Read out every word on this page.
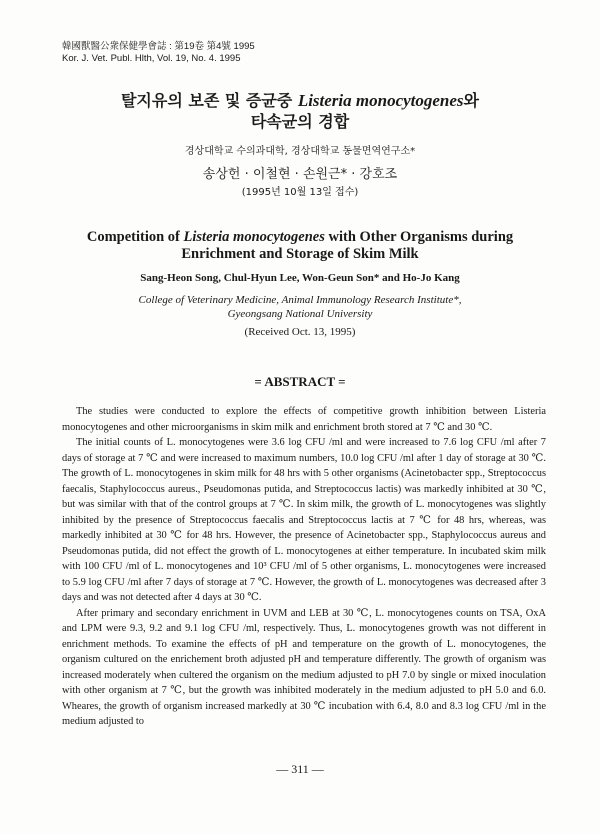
韓國獸醫公衆保健學會誌 : 第19卷 第4號 1995
Kor. J. Vet. Publ. Hlth, Vol. 19, No. 4. 1995
탈지유의 보존 및 증균중 Listeria monocytogenes와
타속균의 경합
경상대학교 수의과대학, 경상대학교 동물면역연구소*
송상헌 · 이철현 · 손원근* · 강호조
(1995년 10월 13일 접수)
Competition of Listeria monocytogenes with Other Organisms during
Enrichment and Storage of Skim Milk
Sang-Heon Song, Chul-Hyun Lee, Won-Geun Son* and Ho-Jo Kang
College of Veterinary Medicine, Animal Immunology Research Institute*,
Gyeongsang National University
(Received Oct. 13, 1995)
= ABSTRACT =

The studies were conducted to explore the effects of competitive growth inhibition between Listeria monocytogenes and other microorganisms in skim milk and enrichment broth stored at 7 ℃ and 30 ℃.

The initial counts of L. monocytogenes were 3.6 log CFU /ml and were increased to 7.6 log CFU /ml after 7 days of storage at 7 ℃ and were increased to maximum numbers, 10.0 log CFU /ml after 1 day of storage at 30 ℃. The growth of L. monocytogenes in skim milk for 48 hrs with 5 other organisms (Acinetobacter spp., Streptococcus faecalis, Staphylococcus aureus., Pseudomonas putida, and Streptococcus lactis) was markedly inhibited at 30 ℃, but was similar with that of the control groups at 7 ℃. In skim milk, the growth of L. monocytogenes was slightly inhibited by the presence of Streptococcus faecalis and Streptococcus lactis at 7 ℃ for 48 hrs, whereas, was markedly inhibited at 30 ℃ for 48 hrs. However, the presence of Acinetobacter spp., Staphylococcus aureus and Pseudomonas putida, did not effect the growth of L. monocytogenes at either temperature. In incubated skim milk with 100 CFU /ml of L. monocytogenes and 10³ CFU /ml of 5 other organisms, L. monocytogenes were increased to 5.9 log CFU /ml after 7 days of storage at 7 ℃. However, the growth of L. monocytogenes was decreased after 3 days and was not detected after 4 days at 30 ℃.

After primary and secondary enrichment in UVM and LEB at 30 ℃, L. monocytogenes counts on TSA, OxA and LPM were 9.3, 9.2 and 9.1 log CFU /ml, respectively. Thus, L. monocytogenes growth was not different in enrichment methods. To examine the effects of pH and temperature on the growth of L. monocytogenes, the organism cultured on the enrichement broth adjusted pH and temperature differently. The growth of organism was increased moderately when cultered the organism on the medium adjusted to pH 7.0 by single or mixed inoculation with other organism at 7 ℃, but the growth was inhibited moderately in the medium adjusted to pH 5.0 and 6.0. Wheares, the growth of organism increased markedly at 30 ℃ incubation with 6.4, 8.0 and 8.3 log CFU /ml in the medium adjusted to

— 311 —
